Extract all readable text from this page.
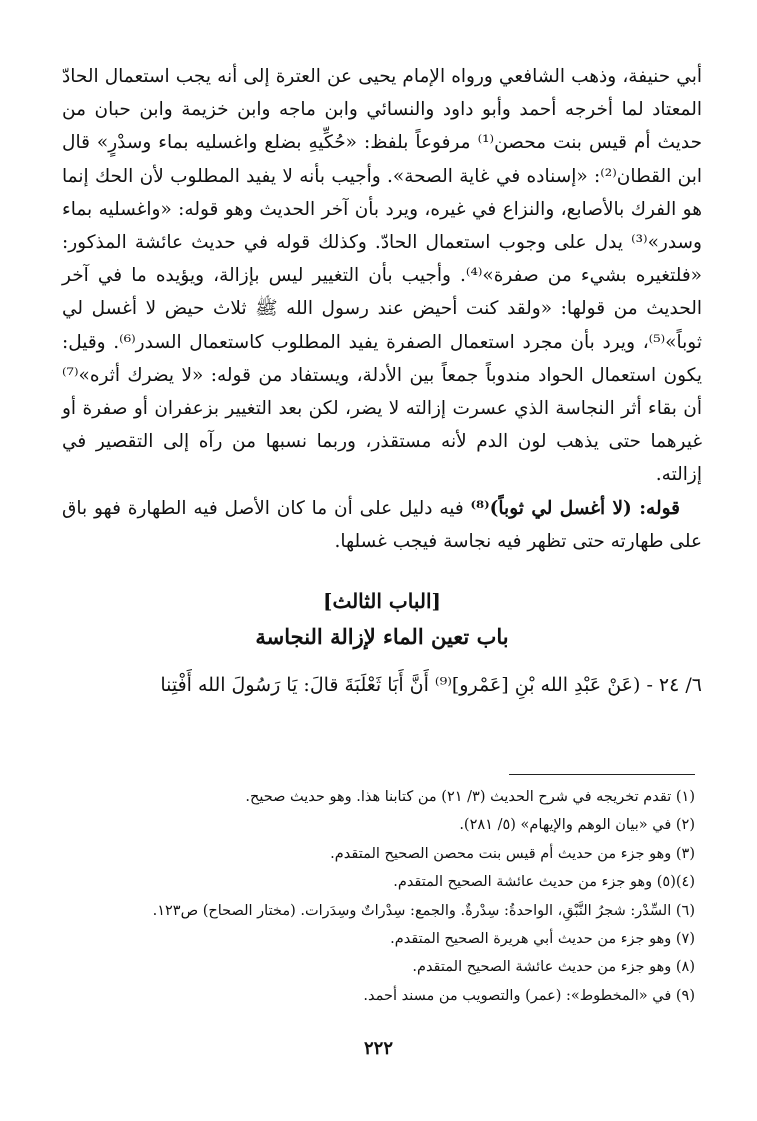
أبي حنيفة، وذهب الشافعي ورواه الإمام يحيى عن العترة إلى أنه يجب استعمال الحادّ المعتاد لما أخرجه أحمد وأبو داود والنسائي وابن ماجه وابن خزيمة وابن حبان من حديث أم قيس بنت محصن⁽¹⁾ مرفوعاً بلفظ: «حُكِّيهِ بضلع واغسليه بماء وسدْرٍ» قال ابن القطان⁽²⁾: «إسناده في غاية الصحة». وأجيب بأنه لا يفيد المطلوب لأن الحك إنما هو الفرك بالأصابع، والنزاع في غيره، ويرد بأن آخر الحديث وهو قوله: «واغسليه بماء وسدر»⁽³⁾ يدل على وجوب استعمال الحادّ. وكذلك قوله في حديث عائشة المذكور: «فلتغيره بشيء من صفرة»⁽⁴⁾. وأجيب بأن التغيير ليس بإزالة، ويؤيده ما في آخر الحديث من قولها: «ولقد كنت أحيض عند رسول الله ﷺ ثلاث حيض لا أغسل لي ثوباً»⁽⁵⁾، ويرد بأن مجرد استعمال الصفرة يفيد المطلوب كاستعمال السدر⁽⁶⁾. وقيل: يكون استعمال الحواد مندوباً جمعاً بين الأدلة، ويستفاد من قوله: «لا يضرك أثره»⁽⁷⁾ أن بقاء أثر النجاسة الذي عسرت إزالته لا يضر، لكن بعد التغيير بزعفران أو صفرة أو غيرهما حتى يذهب لون الدم لأنه مستقذر، وربما نسبها من رآه إلى التقصير في إزالته.

قوله: (لا أغسل لي ثوباً)⁽⁸⁾ فيه دليل على أن ما كان الأصل فيه الطهارة فهو باق على طهارته حتى تظهر فيه نجاسة فيجب غسلها.

[الباب الثالث]
باب تعين الماء لإزالة النجاسة
٦/ ٢٤ - (عَنْ عَبْدِ الله بْنِ [عَمْرو]⁽⁹⁾ أَنَّ أَبَا ثَعْلَبَةَ قالَ: يَا رَسُولَ الله أَفْتِنا
(١) تقدم تخريجه في شرح الحديث (٣/ ٢١) من كتابنا هذا. وهو حديث صحيح.
(٢) في «بيان الوهم والإيهام» (٥/ ٢٨١).
(٣) وهو جزء من حديث أم قيس بنت محصن الصحيح المتقدم.
(٤)(٥) وهو جزء من حديث عائشة الصحيح المتقدم.
(٦) السِّدْر: شجرُ النَّبْقِ، الواحدةُ: سِدْرةٌ. والجمع: سِدْراتٌ وسِدَرات. (مختار الصحاح) ص١٢٣.
(٧) وهو جزء من حديث أبي هريرة الصحيح المتقدم.
(٨) وهو جزء من حديث عائشة الصحيح المتقدم.
(٩) في «المخطوط»: (عمر) والتصويب من مسند أحمد.
٢٢٢
